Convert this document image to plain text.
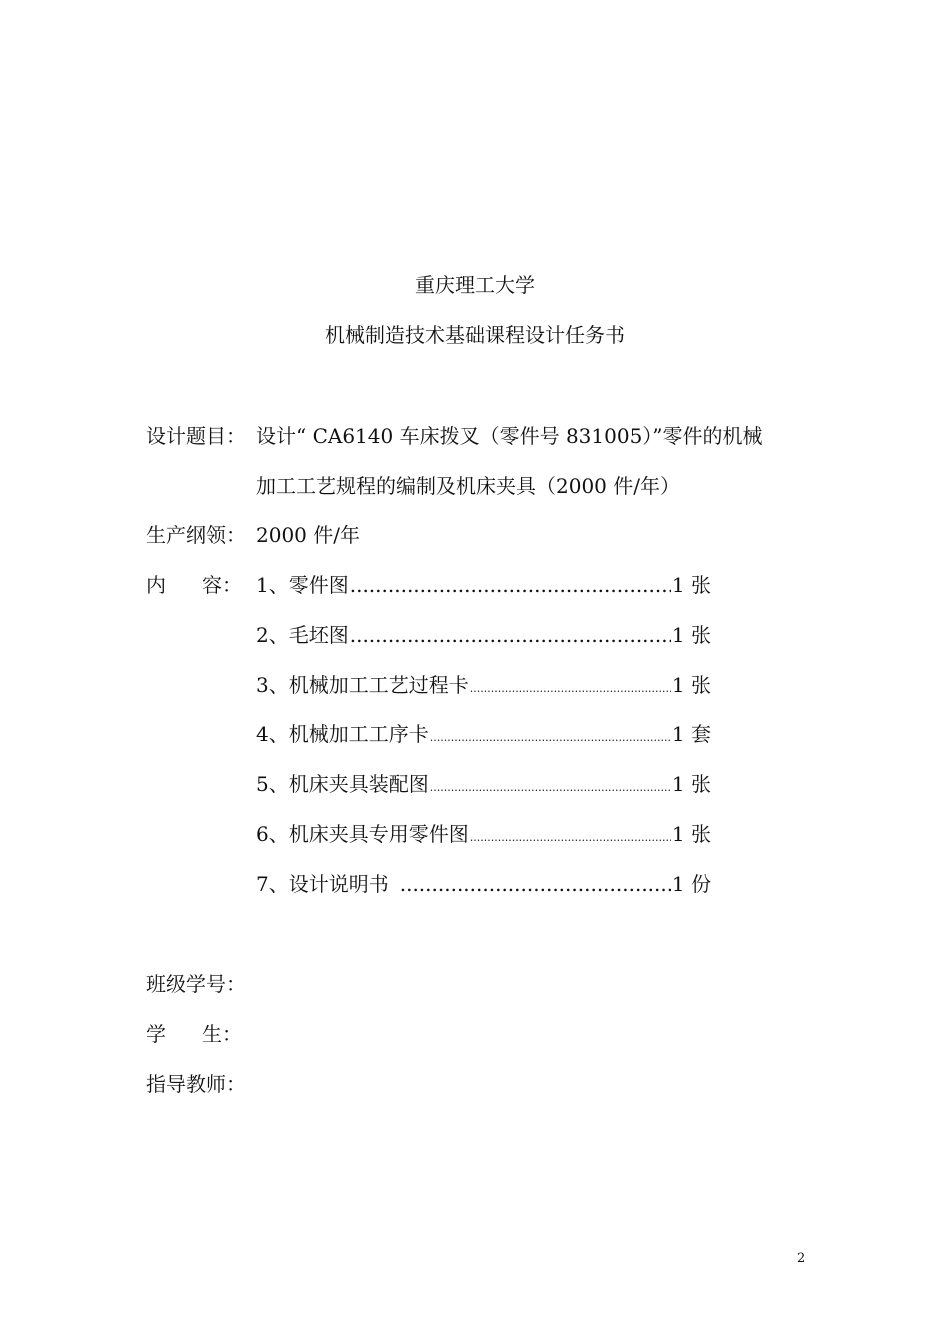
重庆理工大学
机械制造技术基础课程设计任务书
设计题目： 设计“ CA6140 车床拨叉（零件号 831005）”零件的机械
加工工艺规程的编制及机床夹具（2000 件/年）
生产纲领： 2000 件/年
内 容： 1、零件图 .....	1 张
2、毛坯图 .....	1 张
3、机械加工工艺过程卡 .....	1 张
4、机械加工工序卡 .....	1 套
5、机床夹具装配图 .....	1 张
6、机床夹具专用零件图 .....	1 张
7、设计说明书 .....	1 份
班级学号：
学 生：
指导教师：
2
